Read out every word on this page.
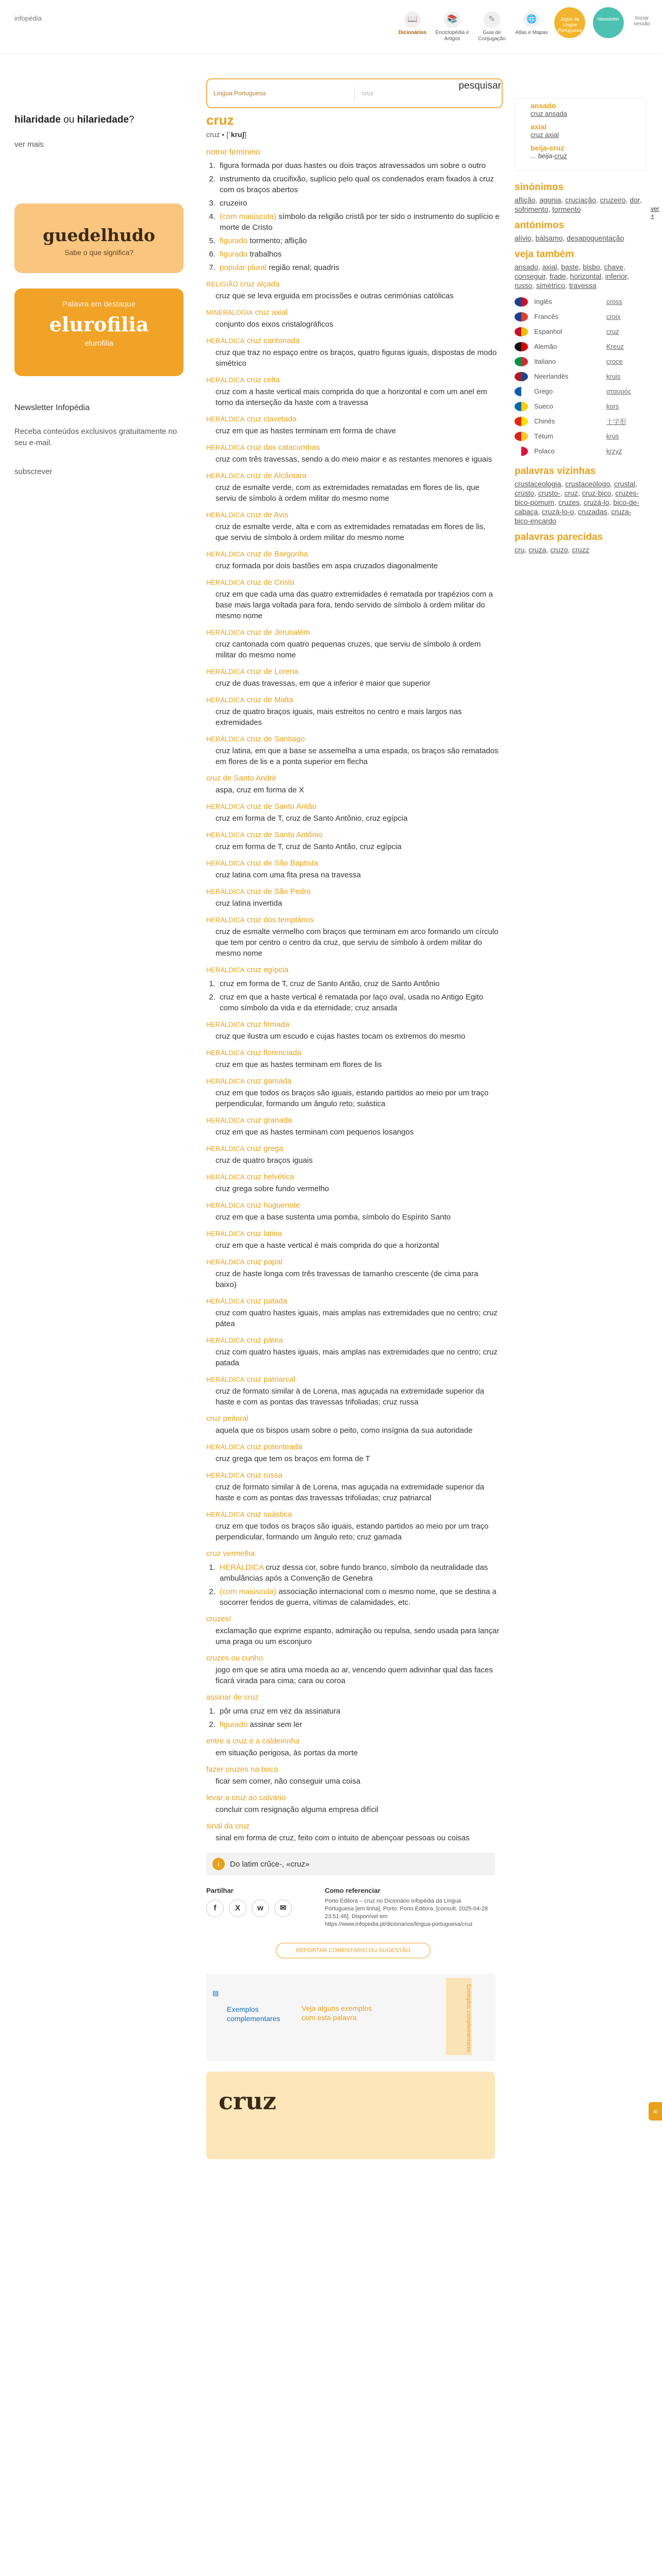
infopédia	📖
Dicionários
📚
Enciclopédia e Artigos
✎
Guia de Conjugação
🌐
Atlas e Mapas
Jogos da Língua Portuguesa
Newsletter	Iniciar sessão
hilaridade ou hilariedade?
ver mais
guedelhudo
Sabe o que significa?
Palavra em destaque
elurofilia
elurofilia
Newsletter Infopédia
Receba conteúdos exclusivos gratuitamente no seu e-mail.
subscrever
Língua Portuguesa	cruz
pesquisar
cruz
cruz ▪ [ˈkruʃ]
nome feminino
1. figura formada por duas hastes ou dois traços atravessados um sobre o outro
2. instrumento da crucifixão, suplício pelo qual os condenados eram fixados à cruz com os braços abertos
3. cruzeiro
4. (com maiúscula) símbolo da religião cristã por ter sido o instrumento do suplício e morte de Cristo
5. figurado tormento; aflição
6. figurado trabalhos
7. popular plural região renal; quadris
RELIGIÃO cruz alçada
cruz que se leva erguida em procissões e outras cerimónias católicas
MINERALOGIA cruz axial
conjunto dos eixos cristalográficos
HERÁLDICA cruz cantonada
cruz que traz no espaço entre os braços, quatro figuras iguais, dispostas de modo simétrico
HERÁLDICA cruz celta
cruz com a haste vertical mais comprida do que a horizontal e com um anel em torno da interseção da haste com a travessa
HERÁLDICA cruz clavetada
cruz em que as hastes terminam em forma de chave
HERÁLDICA cruz das catacumbas
cruz com três travessas, sendo a do meio maior e as restantes menores e iguais
HERÁLDICA cruz de Alcântara
cruz de esmalte verde, com as extremidades rematadas em flores de lis, que serviu de símbolo à ordem militar do mesmo nome
HERÁLDICA cruz de Avis
cruz de esmalte verde, alta e com as extremidades rematadas em flores de lis, que serviu de símbolo à ordem militar do mesmo nome
HERÁLDICA cruz de Borgonha
cruz formada por dois bastões em aspa cruzados diagonalmente
HERÁLDICA cruz de Cristo
cruz em que cada uma das quatro extremidades é rematada por trapézios com a base mais larga voltada para fora, tendo servido de símbolo à ordem militar do mesmo nome
HERÁLDICA cruz de Jerusalém
cruz cantonada com quatro pequenas cruzes, que serviu de símbolo à ordem militar do mesmo nome
HERÁLDICA cruz de Lorena
cruz de duas travessas, em que a inferior é maior que superior
HERÁLDICA cruz de Malta
cruz de quatro braços iguais, mais estreitos no centro e mais largos nas extremidades
HERÁLDICA cruz de Santiago
cruz latina, em que a base se assemelha a uma espada, os braços são rematados em flores de lis e a ponta superior em flecha
cruz de Santo André
aspa, cruz em forma de X
HERÁLDICA cruz de Santo Antão
cruz em forma de T, cruz de Santo Antônio, cruz egípcia
HERÁLDICA cruz de Santo Antônio
cruz em forma de T, cruz de Santo Antão, cruz egípcia
HERÁLDICA cruz de São Baptista
cruz latina com uma fita presa na travessa
HERÁLDICA cruz de São Pedro
cruz latina invertida
HERÁLDICA cruz dos templários
cruz de esmalte vermelho com braços que terminam em arco formando um círculo que tem por centro o centro da cruz, que serviu de símbolo à ordem militar do mesmo nome
HERÁLDICA cruz egípcia
1. cruz em forma de T, cruz de Santo Antão, cruz de Santo Antônio
2. cruz em que a haste vertical é rematada por laço oval, usada no Antigo Egito como símbolo da vida e da eternidade; cruz ansada
HERÁLDICA cruz firmada
cruz que ilustra um escudo e cujas hastes tocam os extremos do mesmo
HERÁLDICA cruz florenciada
cruz em que as hastes terminam em flores de lis
HERÁLDICA cruz gamada
cruz em que todos os braços são iguais, estando partidos ao meio por um traço perpendicular, formando um ângulo reto; suástica
HERÁLDICA cruz granada
cruz em que as hastes terminam com pequenos losangos
HERÁLDICA cruz grega
cruz de quatro braços iguais
HERÁLDICA cruz helvética
cruz grega sobre fundo vermelho
HERÁLDICA cruz huguenote
cruz em que a base sustenta uma pomba, símbolo do Espírito Santo
HERÁLDICA cruz latina
cruz em que a haste vertical é mais comprida do que a horizontal
HERÁLDICA cruz papal
cruz de haste longa com três travessas de tamanho crescente (de cima para baixo)
HERÁLDICA cruz patada
cruz com quatro hastes iguais, mais amplas nas extremidades que no centro; cruz pátea
HERÁLDICA cruz pátea
cruz com quatro hastes iguais, mais amplas nas extremidades que no centro; cruz patada
HERÁLDICA cruz patriarcal
cruz de formato similar à de Lorena, mas aguçada na extremidade superior da haste e com as pontas das travessas trifoliadas; cruz russa
cruz peitoral
aquela que os bispos usam sobre o peito, como insígnia da sua autoridade
HERÁLDICA cruz potenteada
cruz grega que tem os braços em forma de T
HERÁLDICA cruz russa
cruz de formato similar à de Lorena, mas aguçada na extremidade superior da haste e com as pontas das travessas trifoliadas; cruz patriarcal
HERÁLDICA cruz suástica
cruz em que todos os braços são iguais, estando partidos ao meio por um traço perpendicular, formando um ângulo reto; cruz gamada
cruz vermelha
1. HERÁLDICA cruz dessa cor, sobre fundo branco, símbolo da neutralidade das ambulâncias após a Convenção de Genebra
2. (com maiúscula) associação internacional com o mesmo nome, que se destina a socorrer feridos de guerra, vítimas de calamidades, etc.
cruzes!
exclamação que exprime espanto, admiração ou repulsa, sendo usada para lançar uma praga ou um esconjuro
cruzes ou cunho
jogo em que se atira uma moeda ao ar, vencendo quem adivinhar qual das faces ficará virada para cima; cara ou coroa
assinar de cruz
1. pôr uma cruz em vez da assinatura
2. figurado assinar sem ler
entre a cruz e a caldeirinha
em situação perigosa, às portas da morte
fazer cruzes na boca
ficar sem comer, não conseguir uma coisa
levar a cruz ao calvário
concluir com resignação alguma empresa difícil
sinal da cruz
sinal em forma de cruz, feito com o intuito de abençoar pessoas ou coisas
i	Do latim crŭce-, «cruz»
Partilhar
f	X	w	✉
Como referenciar
Porto Editora – cruz no Dicionário infopédia da Língua Portuguesa [em linha]. Porto: Porto Editora. [consult. 2025-04-28 23:51:46]. Disponível em https://www.infopedia.pt/dicionarios/lingua-portuguesa/cruz
REPORTAR COMENTÁRIO OU SUGESTÃO
▤
Exemplos complementares
Veja alguns exemplos com esta palavra	Exemplos complementares
cruz
ansado
cruz ansada
axial
cruz axial
beija-cruz
... beija-cruz
sinónimos
aflição, agonia, cruciação, cruzeiro, dor, sofrimento, tormento
antónimos
alívio, bálsamo, desapoquentação
veja também
ansado, axial, baste, bisbo, chave, conseguir, frade, horizontal, inferior, russo, simétrico, travessa
Inglês	cross
Francês	croix
Espanhol	cruz
Alemão	Kreuz
Italiano	croce
Neerlandês	kruis
Grego	σταυρός
Sueco	kors
Chinês	十字形
Tétum	krús
Polaco	krzyż
palavras vizinhas
crustaceologia, crustaceólogo, crustal, crusto, crusto-, cruz, cruz-bico, cruzes-bico-pomum, cruzes, cruzá-lo, bico-de-cabaça, cruzá-lo-o, cruzadas, cruza-bico-encardo
palavras parecidas
cru, cruza, cruzo, cruzz
ver +
≡
